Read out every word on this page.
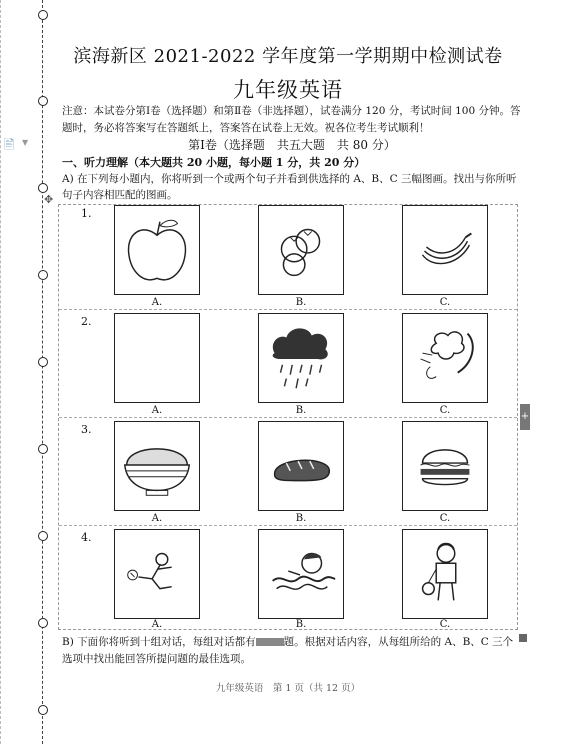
🖹 ▼
滨海新区 2021-2022 学年度第一学期期中检测试卷
九年级英语
注意：本试卷分第Ⅰ卷（选择题）和第Ⅱ卷（非选择题），试卷满分 120 分，考试时间 100 分钟。答题时，务必将答案写在答题纸上，答案答在试卷上无效。祝各位考生考试顺利！
第Ⅰ卷（选择题　共五大题　共 80 分）
一、听力理解（本大题共 20 小题，每小题 1 分，共 20 分）
A) 在下列每小题内，你将听到一个或两个句子并看到供选择的 A、B、C 三幅图画。找出与你所听句子内容相匹配的图画。
✥
1.
A.	B.	C.
2.
A.	B.	C.
3.
A.	B.	C.
4.
A.	B.	C.
+
B) 下面你将听到十组对话，每组对话都有	题。根据对话内容，从每组所给的 A、B、C 三个选项中找出能回答所提问题的最佳选项。
九年级英语　第 1 页（共 12 页）
